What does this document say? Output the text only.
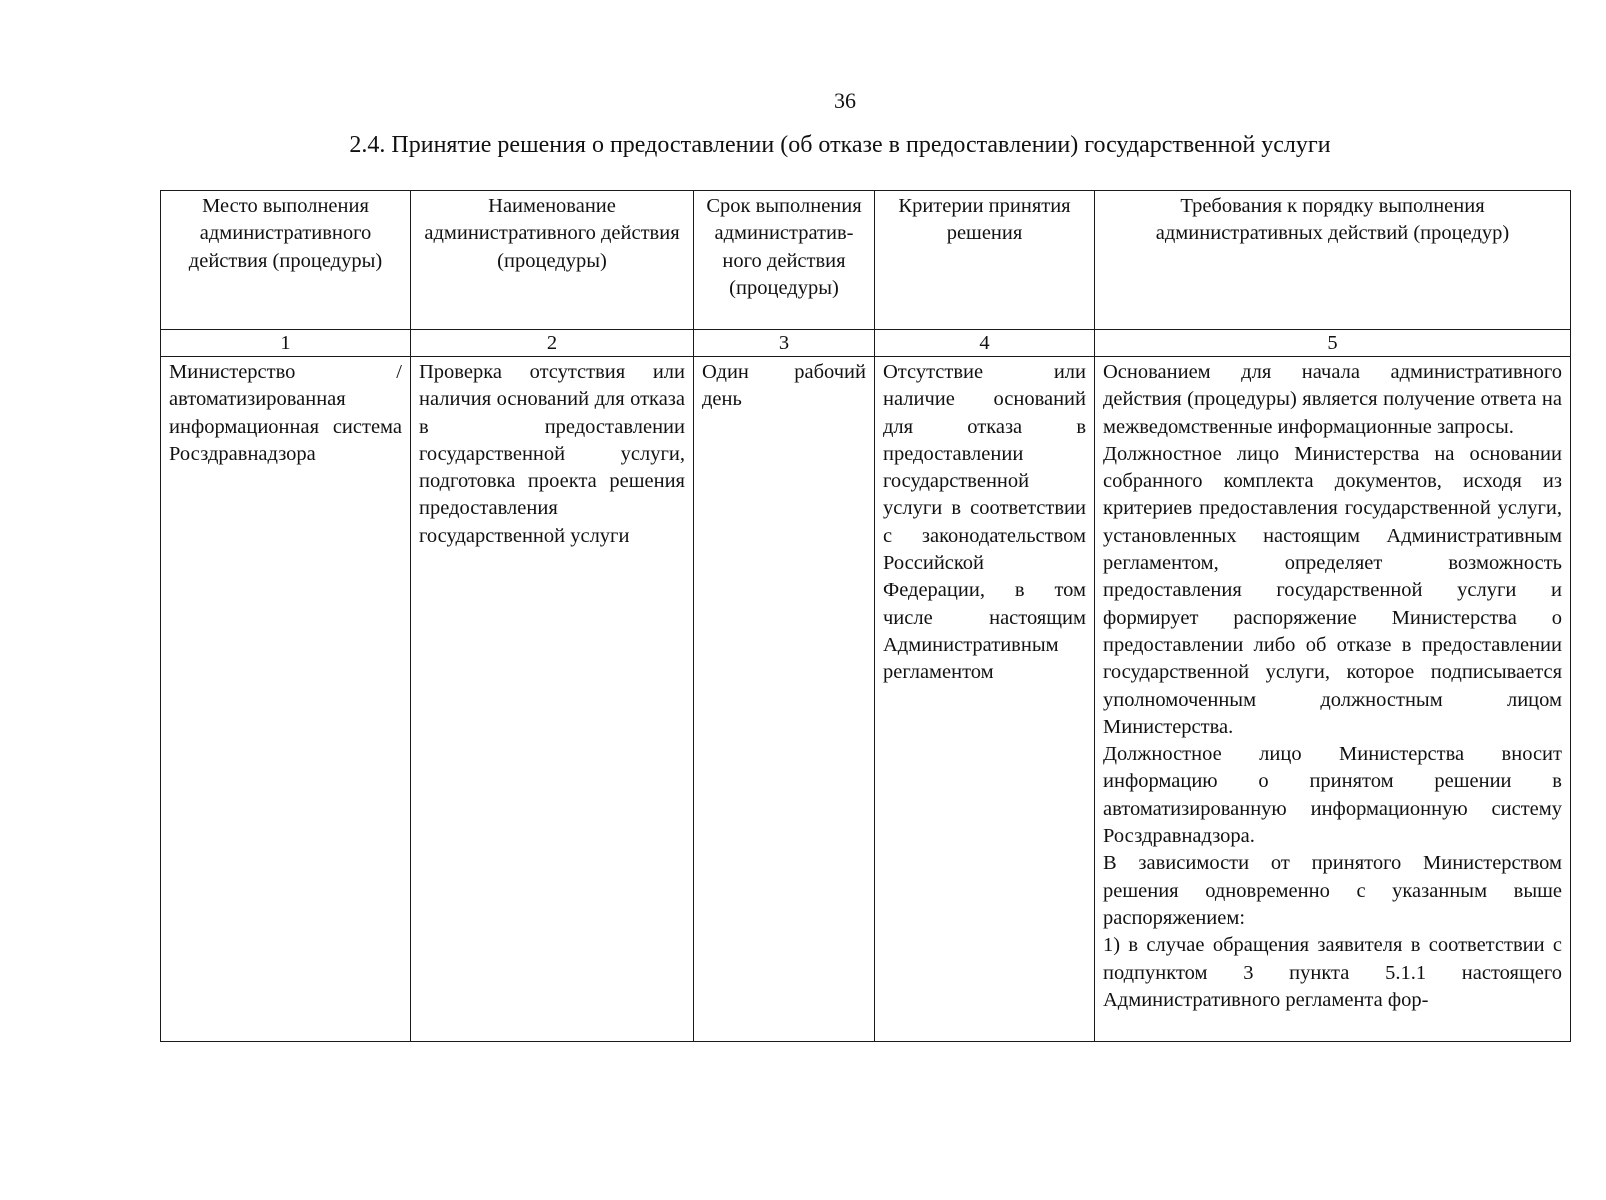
36
2.4. Принятие решения о предоставлении (об отказе в предоставлении) государственной услуги
Место выполнения административного действия (процедуры)	Наименование административного действия (процедуры)	Срок выполнения административ-ного действия (процедуры)	Критерии принятия решения	Требования к порядку выполнения административных действий (процедур)
1	2	3	4	5

Министерство / автоматизированная информационная система Росздравнадзора	Проверка отсутствия или наличия оснований для отказа в предоставлении государственной услуги, подготовка проекта решения предоставления государственной услуги	Один рабочий день	Отсутствие или наличие оснований для отказа в предоставлении государственной услуги в соответствии с законодательством Российской Федерации, в том числе настоящим Административным регламентом	Основанием для начала административного действия (процедуры) является получение ответа на межведомственные информационные запросы.
Должностное лицо Министерства на основании собранного комплекта документов, исходя из критериев предоставления государственной услуги, установленных настоящим Административным регламентом, определяет возможность предоставления государственной услуги и формирует распоряжение Министерства о предоставлении либо об отказе в предоставлении государственной услуги, которое подписывается уполномоченным должностным лицом Министерства.
Должностное лицо Министерства вносит информацию о принятом решении в автоматизированную информационную систему Росздравнадзора.
В зависимости от принятого Министерством решения одновременно с указанным выше распоряжением:
1) в случае обращения заявителя в соответствии с подпунктом 3 пункта 5.1.1 настоящего Административного регламента фор-
